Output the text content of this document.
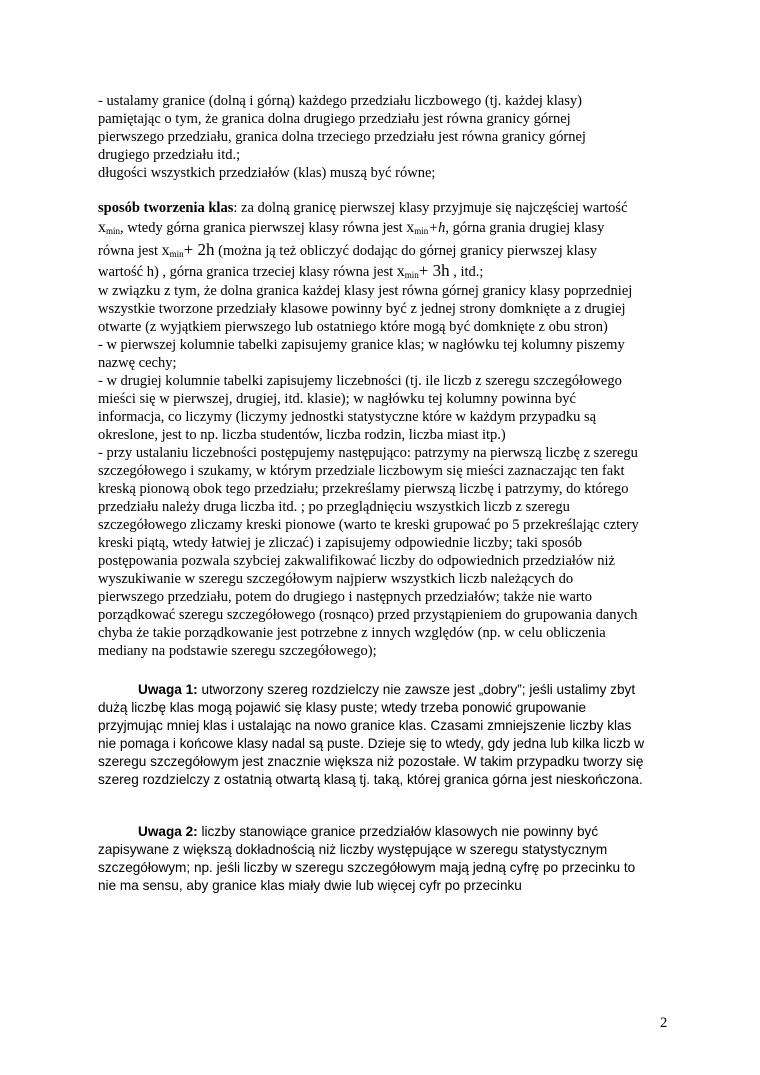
- ustalamy granice (dolną i górną) każdego przedziału liczbowego (tj. każdej klasy)
pamiętając o tym, że granica dolna drugiego przedziału jest równa granicy górnej
pierwszego przedziału, granica dolna trzeciego przedziału jest równa granicy górnej
drugiego przedziału itd.;
długości wszystkich przedziałów (klas) muszą być równe;
sposób tworzenia klas: za dolną granicę pierwszej klasy przyjmuje się najczęściej wartość
$x_{min}$, wtedy górna granica pierwszej klasy równa jest $x_{min}+h$, górna grania drugiej klasy
równa jest $x_{min}+ 2h$ (można ją też obliczyć dodając do górnej granicy pierwszej klasy
wartość h) , górna granica trzeciej klasy równa jest $x_{min}+ 3h$ , itd.;
w związku z tym, że dolna granica każdej klasy jest równa górnej granicy klasy poprzedniej
wszystkie tworzone przedziały klasowe powinny być z jednej strony domknięte a z drugiej
otwarte (z wyjątkiem pierwszego lub ostatniego które mogą być domknięte z obu stron)
- w pierwszej kolumnie tabelki zapisujemy granice klas; w nagłówku tej kolumny piszemy
nazwę cechy;
- w drugiej kolumnie tabelki zapisujemy liczebności (tj. ile liczb z szeregu szczegółowego
mieści się w pierwszej, drugiej, itd. klasie); w nagłówku tej kolumny powinna być
informacja, co liczymy (liczymy jednostki statystyczne które w każdym przypadku są
okreslone, jest to np. liczba studentów, liczba rodzin, liczba miast itp.)
- przy ustalaniu liczebności postępujemy następująco: patrzymy na pierwszą liczbę z szeregu
szczegółowego i szukamy, w którym przedziale liczbowym się mieści zaznaczając ten fakt
kreską pionową obok tego przedziału; przekreślamy pierwszą liczbę i patrzymy, do którego
przedziału należy druga liczba itd. ; po przeglądnięciu wszystkich liczb z szeregu
szczegółowego zliczamy kreski pionowe (warto te kreski grupować po 5 przekreślając cztery
kreski piątą, wtedy łatwiej je zliczać) i zapisujemy odpowiednie liczby; taki sposób
postępowania pozwala szybciej zakwalifikować liczby do odpowiednich przedziałów niż
wyszukiwanie w szeregu szczegółowym najpierw wszystkich liczb należących do
pierwszego przedziału, potem do drugiego i następnych przedziałów; także nie warto
porządkować szeregu szczegółowego (rosnąco) przed przystąpieniem do grupowania danych
chyba że takie porządkowanie jest potrzebne z innych względów (np. w celu obliczenia
mediany na podstawie szeregu szczegółowego);
Uwaga 1: utworzony szereg rozdzielczy nie zawsze jest „dobry”; jeśli ustalimy zbyt
dużą liczbę klas mogą pojawić się klasy puste; wtedy trzeba ponowić grupowanie
przyjmując mniej klas i ustalając na nowo granice klas. Czasami zmniejszenie liczby klas
nie pomaga i końcowe klasy nadal są puste. Dzieje się to wtedy, gdy jedna lub kilka liczb w
szeregu szczegółowym jest znacznie większa niż pozostałe. W takim przypadku tworzy się
szereg rozdzielczy z ostatnią otwartą klasą tj. taką, której granica górna jest nieskończona.
Uwaga 2: liczby stanowiące granice przedziałów klasowych nie powinny być
zapisywane z większą dokładnością niż liczby występujące w szeregu statystycznym
szczegółowym; np. jeśli liczby w szeregu szczegółowym mają jedną cyfrę po przecinku to
nie ma sensu, aby granice klas miały dwie lub więcej cyfr po przecinku
2
